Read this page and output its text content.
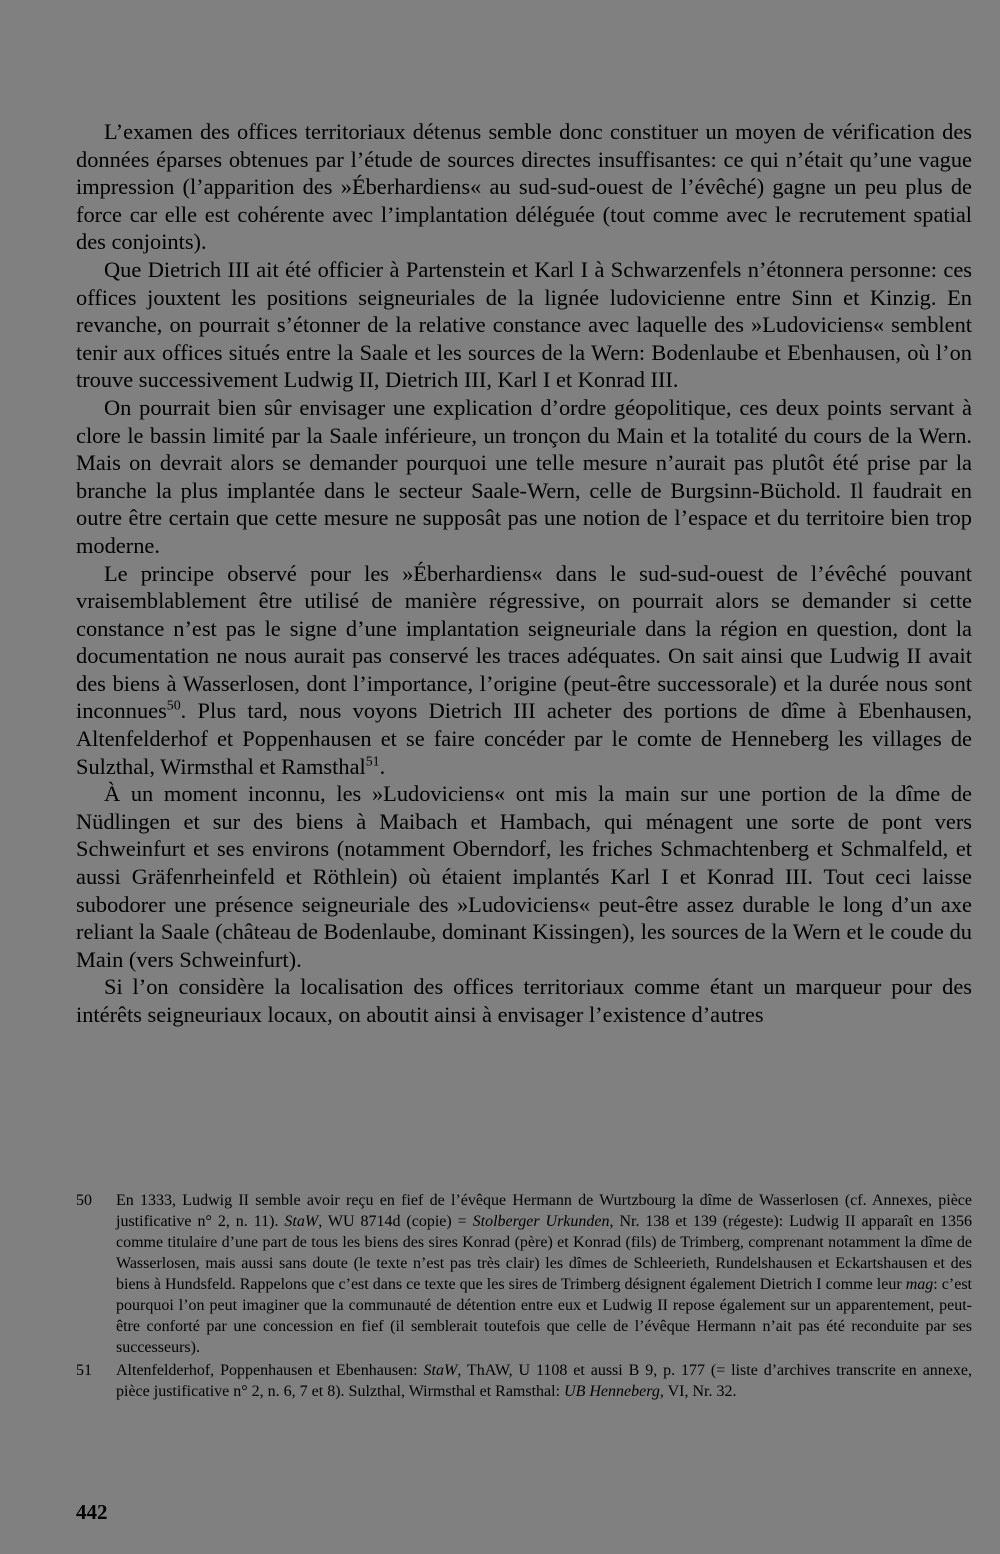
L’examen des offices territoriaux détenus semble donc constituer un moyen de vérification des données éparses obtenues par l’étude de sources directes insuffisantes: ce qui n’était qu’une vague impression (l’apparition des »Éberhardiens« au sud-sud-ouest de l’évêché) gagne un peu plus de force car elle est cohérente avec l’implantation déléguée (tout comme avec le recrutement spatial des conjoints).

Que Dietrich III ait été officier à Partenstein et Karl I à Schwarzenfels n’étonnera personne: ces offices jouxtent les positions seigneuriales de la lignée ludovicienne entre Sinn et Kinzig. En revanche, on pourrait s’étonner de la relative constance avec laquelle des »Ludoviciens« semblent tenir aux offices situés entre la Saale et les sources de la Wern: Bodenlaube et Ebenhausen, où l’on trouve successivement Ludwig II, Dietrich III, Karl I et Konrad III.

On pourrait bien sûr envisager une explication d’ordre géopolitique, ces deux points servant à clore le bassin limité par la Saale inférieure, un tronçon du Main et la totalité du cours de la Wern. Mais on devrait alors se demander pourquoi une telle mesure n’aurait pas plutôt été prise par la branche la plus implantée dans le secteur Saale-Wern, celle de Burgsinn-Büchold. Il faudrait en outre être certain que cette mesure ne supposât pas une notion de l’espace et du territoire bien trop moderne.

Le principe observé pour les »Éberhardiens« dans le sud-sud-ouest de l’évêché pouvant vraisemblablement être utilisé de manière régressive, on pourrait alors se demander si cette constance n’est pas le signe d’une implantation seigneuriale dans la région en question, dont la documentation ne nous aurait pas conservé les traces adéquates. On sait ainsi que Ludwig II avait des biens à Wasserlosen, dont l’importance, l’origine (peut-être successorale) et la durée nous sont inconnues$^{50}$. Plus tard, nous voyons Dietrich III acheter des portions de dîme à Ebenhausen, Altenfelderhof et Poppenhausen et se faire concéder par le comte de Henneberg les villages de Sulzthal, Wirmsthal et Ramsthal$^{51}$.

À un moment inconnu, les »Ludoviciens« ont mis la main sur une portion de la dîme de Nüdlingen et sur des biens à Maibach et Hambach, qui ménagent une sorte de pont vers Schweinfurt et ses environs (notamment Oberndorf, les friches Schmachtenberg et Schmalfeld, et aussi Gräfenrheinfeld et Röthlein) où étaient implantés Karl I et Konrad III. Tout ceci laisse subodorer une présence seigneuriale des »Ludoviciens« peut-être assez durable le long d’un axe reliant la Saale (château de Bodenlaube, dominant Kissingen), les sources de la Wern et le coude du Main (vers Schweinfurt).

Si l’on considère la localisation des offices territoriaux comme étant un marqueur pour des intérêts seigneuriaux locaux, on aboutit ainsi à envisager l’existence d’autres

50	En 1333, Ludwig II semble avoir reçu en fief de l’évêque Hermann de Wurtzbourg la dîme de Wasserlosen (cf. Annexes, pièce justificative n° 2, n. 11). StaW, WU 8714d (copie) = Stolberger Urkunden, Nr. 138 et 139 (régeste): Ludwig II apparaît en 1356 comme titulaire d’une part de tous les biens des sires Konrad (père) et Konrad (fils) de Trimberg, comprenant notamment la dîme de Wasserlosen, mais aussi sans doute (le texte n’est pas très clair) les dîmes de Schleerieth, Rundelshausen et Eckartshausen et des biens à Hundsfeld. Rappelons que c’est dans ce texte que les sires de Trimberg désignent également Dietrich I comme leur mag: c’est pourquoi l’on peut imaginer que la communauté de détention entre eux et Ludwig II repose également sur un apparentement, peut-être conforté par une concession en fief (il semblerait toutefois que celle de l’évêque Hermann n’ait pas été reconduite par ses successeurs).
51	Altenfelderhof, Poppenhausen et Ebenhausen: StaW, ThAW, U 1108 et aussi B 9, p. 177 (= liste d’archives transcrite en annexe, pièce justificative n° 2, n. 6, 7 et 8). Sulzthal, Wirmsthal et Ramsthal: UB Henneberg, VI, Nr. 32.
442
